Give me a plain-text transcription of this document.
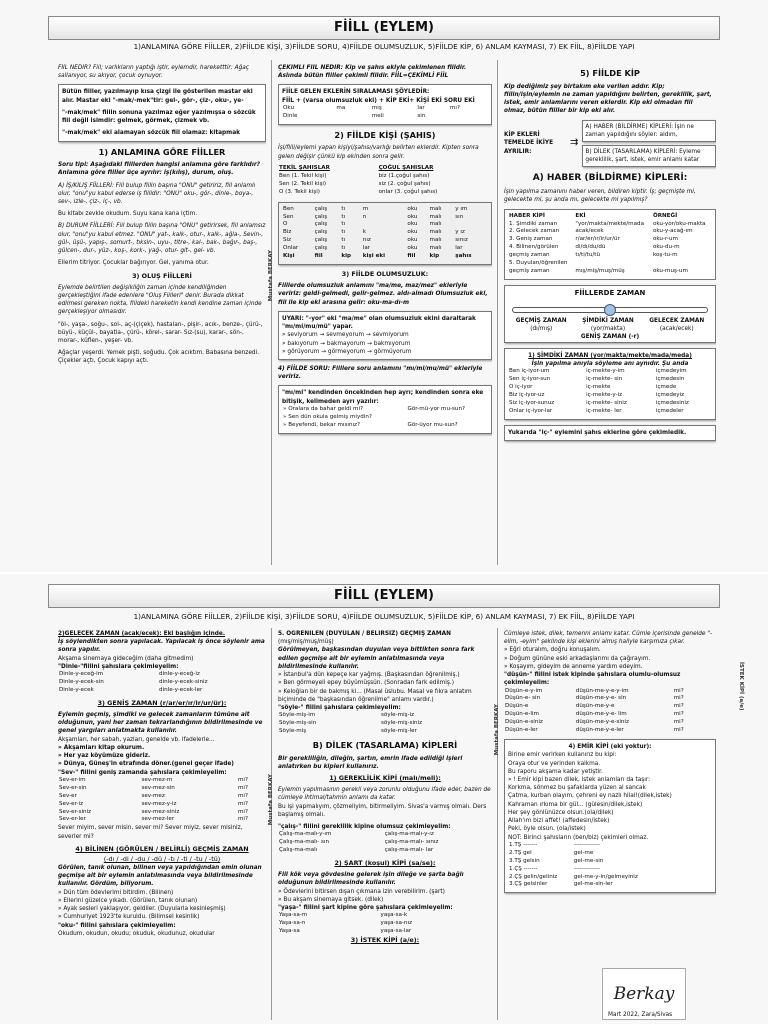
FİİLL (EYLEM)
1)ANLAMINA GÖRE FİİLLER, 2)FİİLDE KİŞİ, 3)FİİLDE SORU, 4)FİİLDE OLUMSUZLUK, 5)FİİLDE KİP, 6) ANLAM KAYMASI, 7) EK FİİL, 8)FİİLDE YAPI
Mustafa BERKAY

FİİL NEDİR? Fiil; varlıkların yaptığı iştir, eylemdir, hareketttir: Ağaç sallanıyor, su akıyor, çocuk oynuyor.

Bütün fiiller, yazılmayıp kısa çizgi ile gösterilen mastar eki alır. Mastar eki "-mak/-mek"tir: gel-, gör-, çiz-, oku-, ye-

"-mak/mek" fiilin sonuna yazılmaz eğer yazılmışsa o sözcük fiil değil isimdir: gelmek, görmek, çizmek vb.

"-mak/mek" eki alamayan sözcük fiil olamaz: kitapmak

1) ANLAMINA GÖRE FİİLLER

Soru tipi: Aşağıdaki fiillerden hangisi anlamına göre farklıdır? Anlamına göre fiiller üçe ayrılır: iş(kılış), durum, oluş.

A) İŞ/KILIŞ FİİLLERİ: Fiil bulup fiilin başına "ONU" getiririz, fiil anlamlı olur, "onu"yu kabul ederse iş fiilidir: "ONU" oku-, gör-, dinle-, boya-, sev-, izle-, çiz-, iç-, vb.

Bu kitabı zevkle okudum. Suyu kana kana içtim.

B) DURUM FİİLLERİ: Fiil bulup fiilin başına "ONU" getirirsek, fiil anlamsız olur, "onu"yu kabul etmez. "ONU" yat-, kalk-, otur-, kalk-, ağla-, Sevin-, gül-, üşü-, yapış-, somurt-, tıksin-, uyu-, titre-, kal-, bak-, bağır-, baş-, gülcen-, dur-, yüz-, koş-, kork-, yağ-, otur- git-, gel- vb.

Ellerim titriyor. Çocuklar bağırıyor. Gel, yanıma otur.

3) OLUŞ FİİLLERİ

Eylemde belirtilen değişikliğin zaman içinde kendiliğinden gerçekleştiğini ifade edenlere "Oluş Fiilleri" denir. Burada dikkat edilmesi gereken nokta, fiildeki hareketin kendi kendine zaman içinde gerçekleşiyor olmasıdır.

"öl-, yaşa-, soğu-, sol-, aç-(çiçek), hastalan-, pişir-, acık-, benze-, çürü-, büyü-, küçül-, bayatla-, çürü-, körel-, sarar- Sız-(su), karar-, sön-, morar-, küflen-, yeşer- vb.

Ağaçlar yeşerdi. Yemek pişti, soğudu. Çok acıktım. Babasına benzedi. Çiçekler açtı, Çocuk kapıyı açtı.

ÇEKİMLİ FİİL NEDİR: Kip ve şahıs ekiyle çekimlenen fiildir. Aslında bütün fiiller çekimli fiildir. FİİL=ÇEKİMLİ FİİL

FİİLE GELEN EKLERİN SIRALAMASI ŞÖYLEDİR:

FİİL + (varsa olumsuzluk eki) + KİP EKİ+ KİŞİ EKİ SORU EKİ

Oku	ma	mış	lar	mı?
Dinle		meli	sin	
2) FİİLDE KİŞİ (ŞAHIS)

İşi/fiili/eylemi yapan kişiyi/şahısı/varlığı belirten eklerdir. Kipten sonra gelen değişir çünkü kip ekinden sonra gelir.

TEKİL ŞAHISLAR	ÇOĞUL ŞAHISLAR
Ben (1. Tekil kişi)	biz (1.çoğul şahıs)
Sen (2. Tekil kişi)	siz (2. çoğul şahıs)
O (3. Tekil kişi)	onlar (3. çoğul şahıs)
Ben	çalış	tı	m	oku	malı	y ım
Sen	çalış	tı	n	oku	malı	sın
O	çalış	tı		oku	malı	
Biz	çalış	tı	k	oku	malı	y ız
Siz	çalış	tı	nız	oku	malı	sınız
Onlar	çalış	tı	lar	oku	malı	lar
Kişi	fiil	kip	kişi eki	fiil	kip	şahıs
3) FİİLDE OLUMSUZLUK:

Fiillerde olumsuzluk anlamını "ma/me, maz/mez" ekleriyle veririz: geldi-gelmedi, gelir-gelmez. aldı-almadı Olumsuzluk eki, fiil ile kip eki arasına gelir: oku-ma-dı-m

UYARI: "-yor" eki "ma/me" olan olumsuzluk ekini daraltarak "mı/mi/mu/mü" yapar.

» seviyorum → sevmeyorum → sevmiyorum
» bakıyorum → bakmayorum → bakmıyorum
» görüyorum → görmeyorum → görmüyorum

4) FİİLDE SORU: Fiillere soru anlamını "mı/mi/mu/mü" ekleriyle veririz.

"mı/mi" kendinden öncekinden hep ayrı; kendinden sonra eke bitişik, kelimeden ayrı yazılır:

» Oralara da bahar geldi mi?	Gör-mü-yor mu-sun?
» Sen dün okula gelmiş miydin?	
» Beyefendi, bekar mısınız?	Gör-üyor mu-sun?
5) FİİLDE KİP

Kip dediğimiz şey birtakım eke verilen addır. Kip; fiilin/işin/eylemin ne zaman yapıldığını belirten, gereklilik, şart, istek, emir anlamlarını veren eklerdir. Kip eki olmadan fiil olmaz, bütün fiiller bir kip eki alır.

KİP EKLERİ TEMELDE İKİYE AYRILIR:
⇉
A) HABER (BİLDİRME) KİPLERİ: İşin ne zaman yapıldığını söyler: aldım,
B) DİLEK (TASARLAMA) KİPLERİ: Eyleme gereklilik, şart, istek, emir anlamı katar
A) HABER (BİLDİRME) KİPLERİ:

İşin yapılma zamanını haber veren, bildiren kiptir. İş; geçmişte mi, gelecekte mi, şu anda mı, gelecekte mi yapılmış?

HABER KİPİ	EKİ	ÖRNEĞİ
1. Şimdiki zaman	"yor/makta/mekte/mada	oku-yor/oku-makta
2. Gelecek zaman	acak/ecek	oku-y-acağ-ım
3. Geniş zaman	r/ar/er/ır/ir/ur/ür	oku-r-um

4. Bilinen/görülen	di/dı/du/dü	oku-du-m
geçmiş zaman	tı/ti/tu/tü	koş-tu-m
5. Duyulan/öğrenilen		
geçmiş zaman	mış/miş/muş/müş	oku-muş-um
FİİLLERDE ZAMAN
GEÇMİŞ ZAMAN
(dı/mış)
ŞİMDİKİ ZAMAN
(yor/makta)
GELECEK ZAMAN
(acak/ecek)
GENİŞ ZAMAN (-r)
1) ŞİMDİKİ ZAMAN (yor/makta/mekte/mada/meda)
İşin yapılma anıyla söyleme anı aynıdır. Şu anda
Ben iç-iyor-um	iç-mekte-y-im	içmedeyim
Sen iç-iyor-sun	iç-mekte- sin	içmedesin
O iç-iyor	iç-mekte	içmede
Biz iç-iyor-uz	iç-mekte-y-iz	içmedeyiz
Siz iç-iyor-sunuz	iç-mekte- siniz	içmedesiniz
Onlar iç-iyor-lar	iç-mekte- ler	içmedeler
Yukarıda "iç-" eylemini şahıs eklerine göre çekimledik.
FİİLL (EYLEM)
1)ANLAMINA GÖRE FİİLLER, 2)FİİLDE KİŞİ, 3)FİİLDE SORU, 4)FİİLDE OLUMSUZLUK, 5)FİİLDE KİP, 6) ANLAM KAYMASI, 7) EK FİİL, 8)FİİLDE YAPI
Mustafa BERKAY
Mustafa BERKAY

2)GELECEK ZAMAN (acak/ecek): Eki başlığın içinde.

İş söylendikten sonra yapılacak. Yapılacak iş önce söylenir ama sonra yapılır.

Akşama sinemaya gideceğim (daha gitmedim)

"Dinle-"fiilini şahıslara çekimleyelim:

Dinle-y-eceğ-im	dinle-y-eceğ-iz
Dinle-y-ecek-sin	dinle-y-ecek-siniz
Dinle-y-ecek	dinle-y-ecek-ler
3) GENİŞ ZAMAN (r/ar/er/ır/ir/ur/ür):

Eylemin geçmiş, şimdiki ve gelecek zamanların tümüne ait olduğunun, yani her zaman tekrarlandığının bildirilmesinde ve genel yargıları anlatmakta kullanılır.

Akşamları, her sabah, yazları, genelde vb. ifadelerle...

» Akşamları kitap okurum.
» Her yaz köyümüze gideriz.
» Dünya, Güneş'in etrafında döner.(genel geçer ifade)

"Sev-" fiilini geniş zamanda şahıslara çekimleyelim:

Sev-er-im	sev-mez-m	mi?
Sev-er-sin	sev-mez-sin	mi?
Sev-er	sev-mez	mi?
Sev-er-iz	sev-mez-y-iz	mi?
Sev-er-siniz	sev-mez-siniz	mi?
Sev-er-ler	sev-mez-ler	mi?

Sever miyim, sever misin, sever mi? Sever miyiz, sever misiniz, severler mi?

4) BİLİNEN (GÖRÜLEN / BELİRLİ) GEÇMİŞ ZAMAN
(-dı / -di / -du / -dü / -tı / -ti / -tu / -tü)

Görülen, tanık olunan, bilinen veya yapıldığından emin olunan geçmişe ait bir eylemin anlatılmasında veya bildirilmesinde kullanılır. Gördüm, biliyorum.

» Dün tüm ödevlerimi bitirdim. (Bilinen)
» Ellerini güzelce yıkadı. (Görülen, tanık olunan)
» Ayak sesleri yaklaşıyor, geldiler. (Duyularla kesinleşmiş)
» Cumhuriyet 1923'te kuruldu. (Bilimsel kesinlik)

"oku-" fiilini şahıslara çekimleyelim:

Okudum, okudun, okudu; okuduk, okudunuz, okudular

5. ÖĞRENİLEN (DUYULAN / BELİRSİZ) GEÇMİŞ ZAMAN

(mış/miş/muş/müş)

Görülmeyen, başkasından duyulan veya bittikten sonra fark edilen geçmişe ait bir eylemin anlatılmasında veya bildirilmesinde kullanılır.

» İstanbul'a dün kepeçe kar yağmış. (Başkasından öğrenilmiş.)
» Ben görmeyeli epey büyümüşsün. (Sonradan fark edilmiş.)
» Keloğlan bir de bakmış ki... (Masal üslubu. Masal ve fıkra anlatım biçiminde de "başkasından öğrenilme" anlamı vardır.)

"söyle-" fiilini şahıslara çekimleyelim:

Söyle-miş-im	söyle-miş-iz
Söyle-miş-sin	söyle-miş-siniz
Söyle-miş	söyle-miş-ler
B) DİLEK (TASARLAMA) KİPLERİ

Bir gerekliliğin, dileğin, şartın, emrin ifade edildiği işleri anlatırken bu kipleri kullanırız.

1) GEREKLİLİK KİPİ (malı/meli):

Eylemin yapılmasının gerekli veya zorunlu olduğunu ifade eder, bazen de cümleye ihtimal/tahmin anlamı da katar.

Bu işi yapmalıyım, çözmeliyim, bitirmeliyim. Sivas'a varmış olmalı. Ders başlamış olmalı.

"çalış-" fiilini gereklilik kipine olumsuz çekimleyelim:

Çalış-ma-malı-y-ım	çalış-ma-malı-y-ız
Çalış-ma-malı- sın	çalış-ma-malı- sınız
Çalış-ma-malı	çalış-ma-malı- lar
2) ŞART (koşul) KİPİ (sa/se):

Fiil kök veya gövdesine gelerek işin dileğe ve şarta bağlı olduğunun bildirilmesinde kullanılır.

» Ödevlerini bitirsen dışarı çıkmana izin verebilirim. (şart)
» Bu akşam sinemaya gitsek. (dilek)

"yaşa-" fiilini şart kipine göre şahıslara çekimleyelim:

Yaşa-sa-m	yaşa-sa-k
Yaşa-sa-n	yaşa-sa-nız
Yaşa-sa	yaşa-sa-lar
3) İSTEK KİPİ (a/e):

Cümleye istek, dilek, temenni anlamı katar. Cümle içerisinde genelde "-elim, -eyim" şeklinde kişi eklerini almış haliyle karşımıza çıkar.

» Eğri oturalım, doğru konuşalım.
» Doğum gününe eski arkadaşlarımı da çağırayım.
» Koşayım, gideyim de anneme yardım edeyim.

"düşün-" fiilini istek kipinde şahıslara olumlu-olumsuz çekimleyelim:

Düşün-e-y-im	düşün-me-y-e-y-im	mi?
Düşün-e- sin	düşün-me-y-e- sin	mi?
Düşün-e	düşün-me-y-e	mi?
Düşün-e-lim	düşün-me-y-e- lim	mi?
Düşün-e-siniz	düşün-me-y-e-siniz	mi?
Düşün-e-ler	düşün-me-y-e-ler	mi?
4) EMİR KİPİ (eki yoktur):
Birine emir verirken kullanırız bu kipi:
Oraya otur ve yerinden kalkma.
Bu raporu akşama kadar yetiştir.
» ! Emir kipi bazen dilek, istek anlamları da taşır:
Korkma, sönmez bu şafaklarda yüzen al sancak
Çatma, kurban olayım, çehreni ey nazlı hilal!(dilek,istek)
Kahraman ırkıma bir gül... (gülesin/dilek,istek)
Her şey gönlünüzce olsun.(ola/dilek)
Allah'ım bizi affet! (affedesin/istek)
Peki, öyle olsun. (ola/istek)
NOT: Birinci şahısların (ben/biz) çekimleri olmaz.
1.TŞ -------	-------------
2.TŞ gel	gel-me
3.TŞ gelsin	gel-me-sin
1.ÇŞ -------	-------------
2.ÇŞ gelin/geliniz	gel-me-y-in/gelmeyiniz
3.ÇŞ gelsinler	gel-me-sin-ler
Berkay
İSTEK KİPİ (a/e)
Mart 2022, Zara/Sivas
